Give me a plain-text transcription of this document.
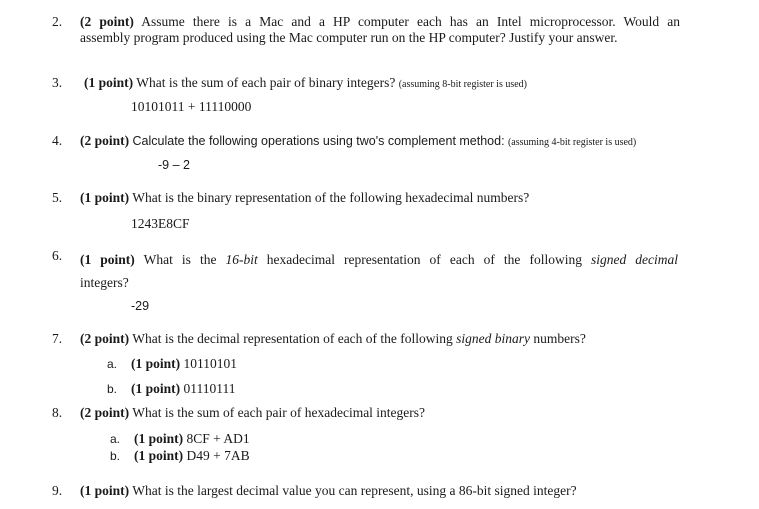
2.	(2 point) Assume there is a Mac and a HP computer each has an Intel microprocessor. Would an
assembly program produced using the Mac computer run on the HP computer? Justify your answer.
3.	(1 point) What is the sum of each pair of binary integers? (assuming 8-bit register is used)
10101011 + 11110000
4.	(2 point) Calculate the following operations using two's complement method: (assuming 4-bit register is used)
-9 – 2
5.	(1 point) What is the binary representation of the following hexadecimal numbers?
1243E8CF
6.	(1 point) What is the 16-bit hexadecimal representation of each of the following signed decimal
integers?
-29
7.	(2 point) What is the decimal representation of each of the following signed binary numbers?
a. (1 point) 10110101
b. (1 point) 01110111
8.	(2 point) What is the sum of each pair of hexadecimal integers?
a. (1 point) 8CF + AD1
b. (1 point) D49 + 7AB
9.	(1 point) What is the largest decimal value you can represent, using a 86-bit signed integer?
